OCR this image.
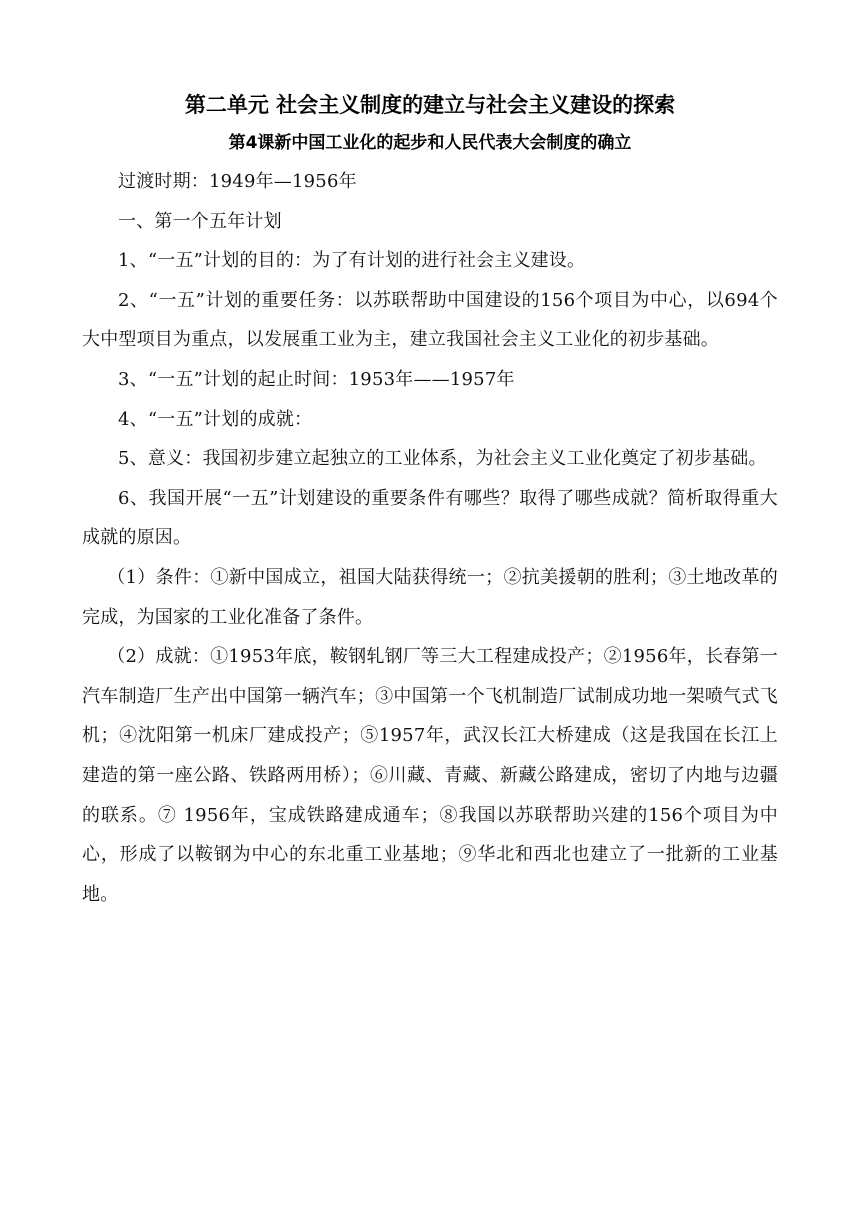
第二单元 社会主义制度的建立与社会主义建设的探索
第4课新中国工业化的起步和人民代表大会制度的确立

过渡时期：1949年—1956年

一、第一个五年计划

1、“一五”计划的目的：为了有计划的进行社会主义建设。

2、“一五”计划的重要任务：以苏联帮助中国建设的156个项目为中心，以694个大中型项目为重点，以发展重工业为主，建立我国社会主义工业化的初步基础。

3、“一五”计划的起止时间：1953年——1957年

4、“一五”计划的成就：

5、意义：我国初步建立起独立的工业体系，为社会主义工业化奠定了初步基础。

6、我国开展“一五”计划建设的重要条件有哪些？取得了哪些成就？简析取得重大成就的原因。

（1）条件：①新中国成立，祖国大陆获得统一；②抗美援朝的胜利；③土地改革的完成，为国家的工业化准备了条件。

（2）成就：①1953年底，鞍钢轧钢厂等三大工程建成投产；②1956年，长春第一汽车制造厂生产出中国第一辆汽车；③中国第一个飞机制造厂试制成功地一架喷气式飞机；④沈阳第一机床厂建成投产；⑤1957年，武汉长江大桥建成（这是我国在长江上建造的第一座公路、铁路两用桥）；⑥川藏、青藏、新藏公路建成，密切了内地与边疆的联系。⑦ 1956年，宝成铁路建成通车；⑧我国以苏联帮助兴建的156个项目为中心，形成了以鞍钢为中心的东北重工业基地；⑨华北和西北也建立了一批新的工业基地。
